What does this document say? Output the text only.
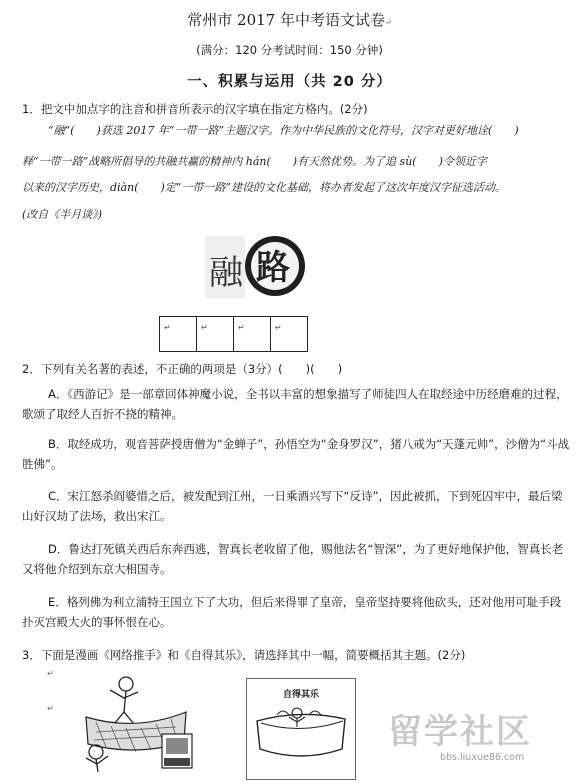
常州市 2017 年中考语文试卷↵
(满分：120 分考试时间：150 分钟)
一、积累与运用（共 20 分）
1．把文中加点字的注音和拼音所表示的汉字填在指定方格内。(2分)
“融”(　　)获选 2017 年“一带一路”主题汉字。作为中华民族的文化符号，汉字对更好地诠(　　)
释“一带一路”战略所倡导的共融共赢的精神内 hán(　　)有天然优势。为了追 sù(　　)令领近字
以来的汉字历史，diàn(　　)定“一带一路”建设的文化基础，将办者发起了这次年度汉字征选活动。
(改自《半月谈》)
融 路
↵	↵	↵	↵
2．下列有关名著的表述，不正确的两项是（3分）(　　)(　　)
A．《西游记》是一部章回体神魔小说，全书以丰富的想象描写了师徒四人在取经途中历经磨难的过程，歌颂了取经人百折不挠的精神。
B．取经成功，观音菩萨授唐僧为“金蝉子”，孙悟空为“金身罗汉”，猪八戒为“天蓬元帅”，沙僧为“斗战胜佛”。
C．宋江怒杀阎婆惜之后，被发配到江州，一日乘酒兴写下“反诗”，因此被抓，下到死囚牢中，最后梁山好汉劫了法场，救出宋江。
D．鲁达打死镇关西后东奔西逃，智真长老收留了他，赐他法名“智深”，为了更好地保护他，智真长老又将他介绍到东京大相国寺。
E．格列佛为利立浦特王国立下了大功，但后来得罪了皇帝，皇帝坚持要将他砍头，还对他用可耻手段扑灭宫殿大火的事怀恨在心。
3．下面是漫画《网络推手》和《自得其乐》，请选择其中一幅，简要概括其主题。(2分)
↵
↵
自得其乐
留学社区
bbs.liuxue86.com
